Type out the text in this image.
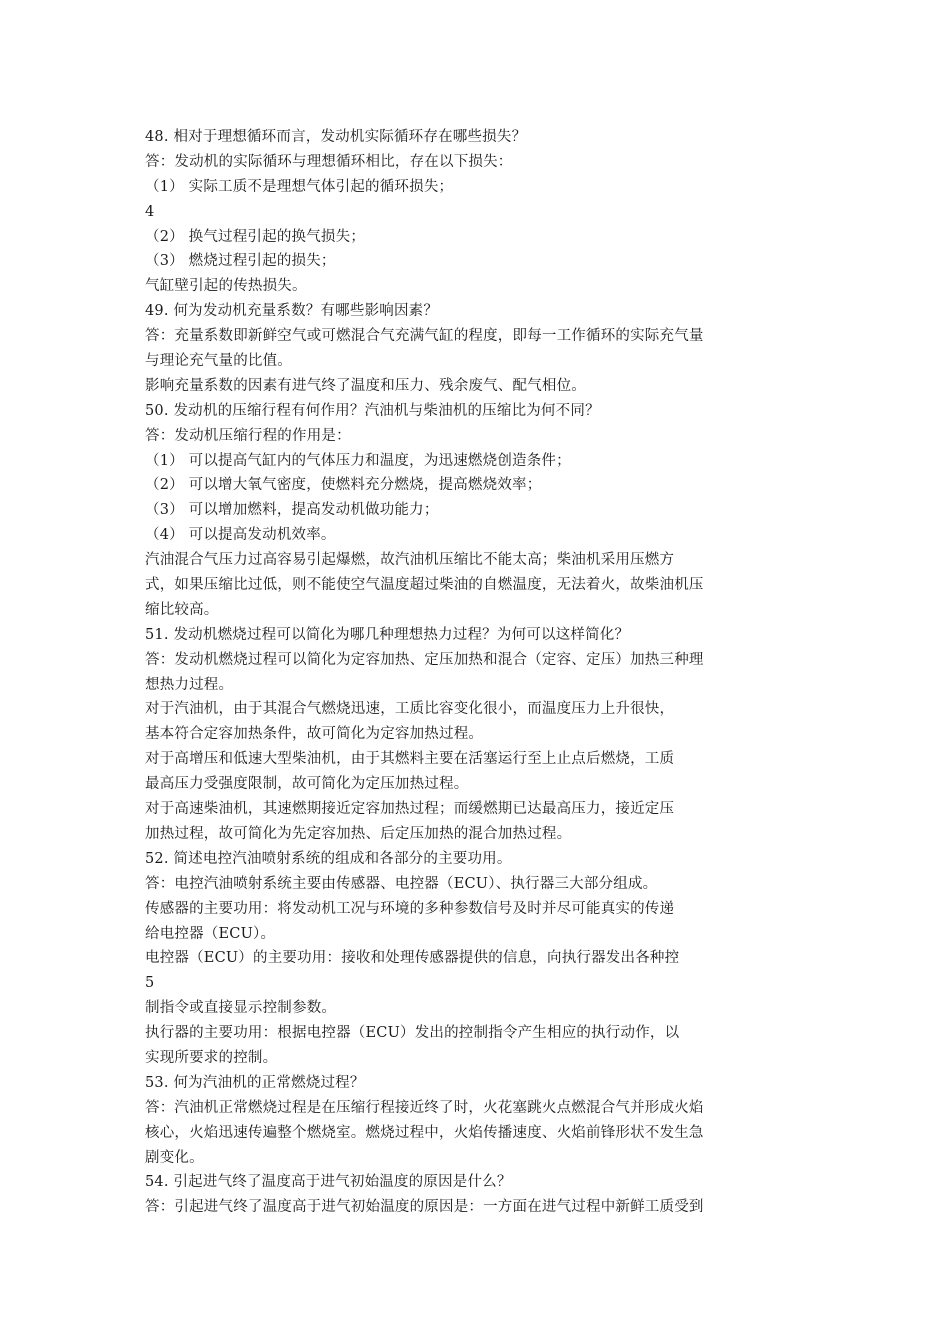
48. 相对于理想循环而言，发动机实际循环存在哪些损失？
答：发动机的实际循环与理想循环相比，存在以下损失：
（1） 实际工质不是理想气体引起的循环损失；
4
（2） 换气过程引起的换气损失；
（3） 燃烧过程引起的损失；
气缸壁引起的传热损失。
49. 何为发动机充量系数？有哪些影响因素？
答：充量系数即新鲜空气或可燃混合气充满气缸的程度，即每一工作循环的实际充气量
与理论充气量的比值。
影响充量系数的因素有进气终了温度和压力、残余废气、配气相位。
50. 发动机的压缩行程有何作用？汽油机与柴油机的压缩比为何不同？
答：发动机压缩行程的作用是：
（1） 可以提高气缸内的气体压力和温度，为迅速燃烧创造条件；
（2） 可以增大氧气密度，使燃料充分燃烧，提高燃烧效率；
（3） 可以增加燃料，提高发动机做功能力；
（4） 可以提高发动机效率。
汽油混合气压力过高容易引起爆燃，故汽油机压缩比不能太高；柴油机采用压燃方
式，如果压缩比过低，则不能使空气温度超过柴油的自燃温度，无法着火，故柴油机压
缩比较高。
51. 发动机燃烧过程可以简化为哪几种理想热力过程？为何可以这样简化？
答：发动机燃烧过程可以简化为定容加热、定压加热和混合（定容、定压）加热三种理
想热力过程。
对于汽油机，由于其混合气燃烧迅速，工质比容变化很小，而温度压力上升很快，
基本符合定容加热条件，故可简化为定容加热过程。
对于高增压和低速大型柴油机，由于其燃料主要在活塞运行至上止点后燃烧，工质
最高压力受强度限制，故可简化为定压加热过程。
对于高速柴油机，其速燃期接近定容加热过程；而缓燃期已达最高压力，接近定压
加热过程，故可简化为先定容加热、后定压加热的混合加热过程。
52. 简述电控汽油喷射系统的组成和各部分的主要功用。
答：电控汽油喷射系统主要由传感器、电控器（ECU）、执行器三大部分组成。
传感器的主要功用：将发动机工况与环境的多种参数信号及时并尽可能真实的传递
给电控器（ECU）。
电控器（ECU）的主要功用：接收和处理传感器提供的信息，向执行器发出各种控
5
制指令或直接显示控制参数。
执行器的主要功用：根据电控器（ECU）发出的控制指令产生相应的执行动作，以
实现所要求的控制。
53. 何为汽油机的正常燃烧过程？
答：汽油机正常燃烧过程是在压缩行程接近终了时，火花塞跳火点燃混合气并形成火焰
核心，火焰迅速传遍整个燃烧室。燃烧过程中，火焰传播速度、火焰前锋形状不发生急
剧变化。
54. 引起进气终了温度高于进气初始温度的原因是什么？
答：引起进气终了温度高于进气初始温度的原因是：一方面在进气过程中新鲜工质受到
